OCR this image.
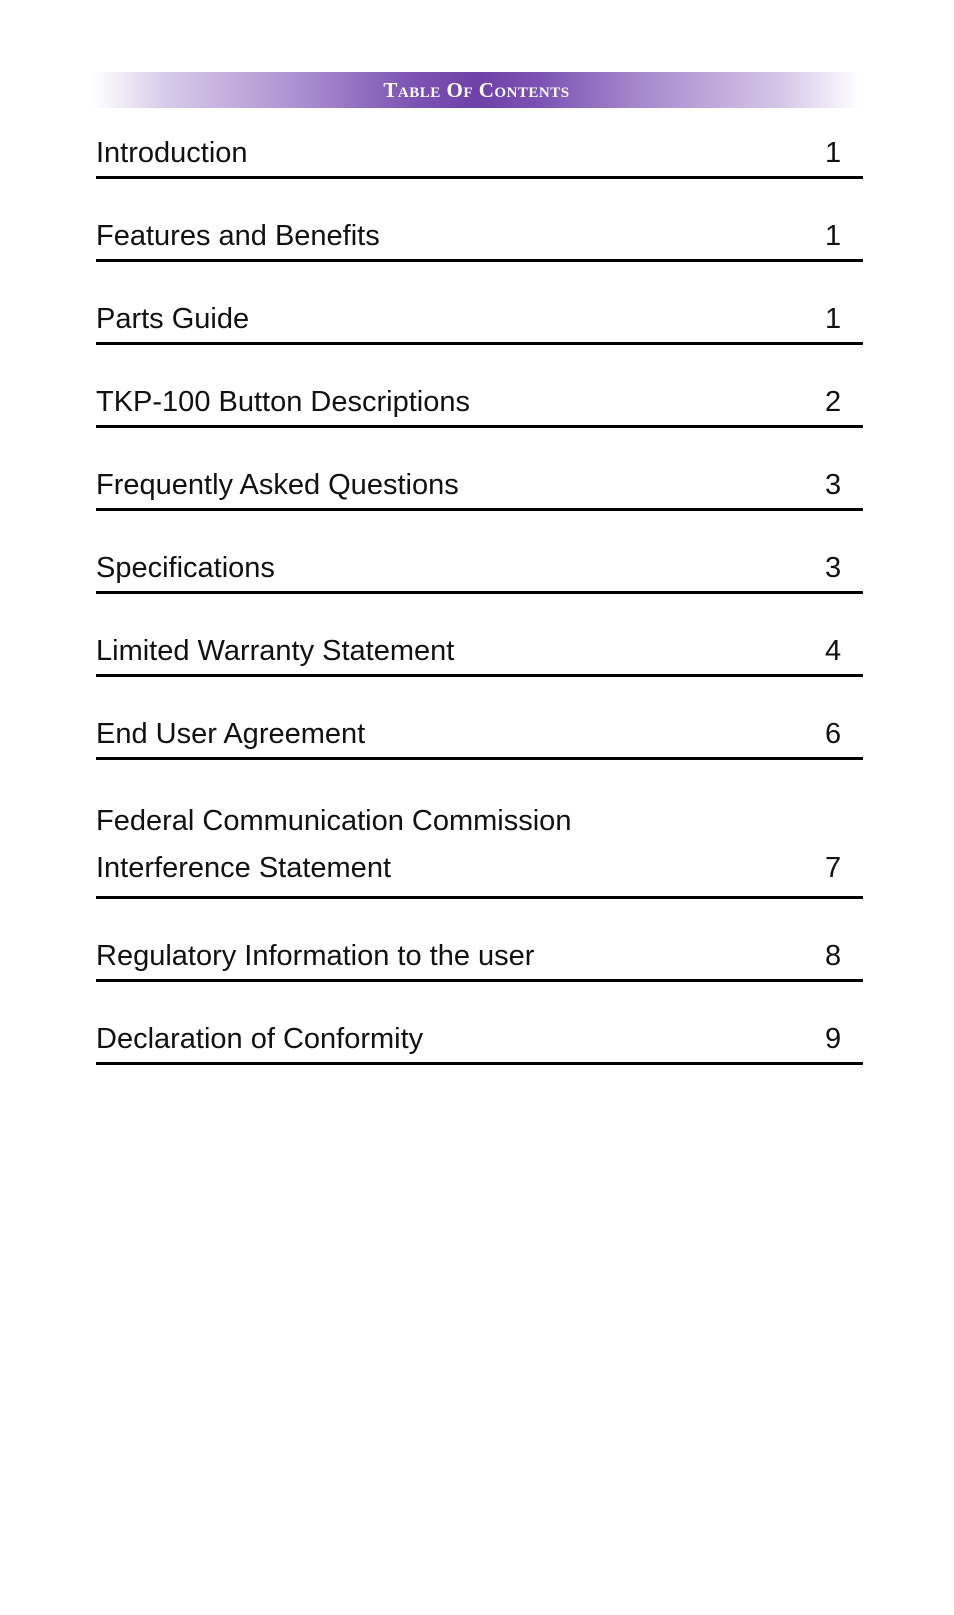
Table Of Contents
Introduction	1
Features and Benefits	1
Parts Guide	1
TKP-100 Button Descriptions	2
Frequently Asked Questions	3
Specifications	3
Limited Warranty Statement	4
End User Agreement	6
Federal Communication Commission
Interference Statement	7
Regulatory Information to the user	8
Declaration of Conformity	9
